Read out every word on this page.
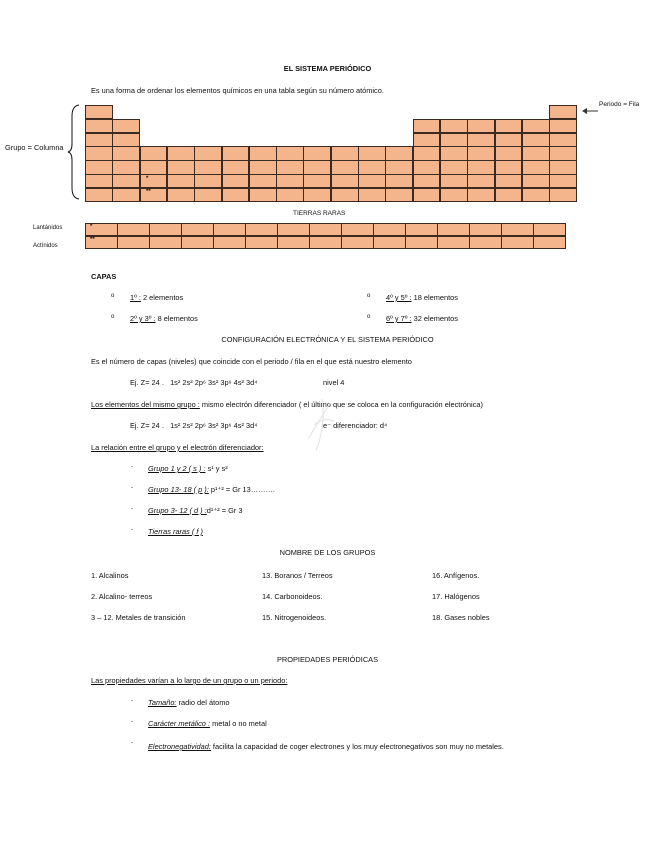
EL SISTEMA PERIÓDICO
Es una forma de ordenar los elementos químicos en una tabla según su número atómico.
*
**
Grupo = Columna
Periodo = Fila
TIERRAS RARAS
Lantánidos
Actínidos
*
**
CAPAS
o 1º : 2 elementos
o 2º y 3º : 8 elementos
o 4º y 5º : 18 elementos
o 6º y 7º : 32 elementos
CONFIGURACIÓN ELECTRÓNICA Y EL SISTEMA PERIÓDICO
Es el número de capas (niveles) que coincide con el periodo / fila en el que está nuestro elemento
Ej. Z= 24 . 1s² 2s² 2p⁶ 3s² 3p⁶ 4s² 3d⁴	nivel 4
Los elementos del mismo grupo : mismo electrón diferenciador ( el último que se coloca en la configuración electrónica)
Ej. Z= 24 . 1s² 2s² 2p⁶ 3s² 3p⁶ 4s² 3d⁴	e⁻ diferenciador: d⁴
La relación entre el grupo y el electrón diferenciador:
- Grupo 1 y 2 ( s ) : s¹ y s²
- Grupo 13- 18 ( p ): p¹⁺² = Gr 13……….
- Grupo 3- 12 ( d ) :d¹⁺² = Gr 3
- Tierras raras ( f )
NOMBRE DE LOS GRUPOS
1. Alcalinos
2. Alcalino- terreos
3 – 12. Metales de transición
13. Boranos / Terreos
14. Carbonoideos.
15. Nitrogenoideos.
16. Anfígenos.
17. Halógenos
18. Gases nobles
PROPIEDADES PERIÓDICAS
Las propiedades varían a lo largo de un grupo o un periodo:
- Tamaño: radio del átomo
- Carácter metálico : metal o no metal
- Electronegatividad: facilita la capacidad de coger electrones y los muy electronegativos son muy no metales.
